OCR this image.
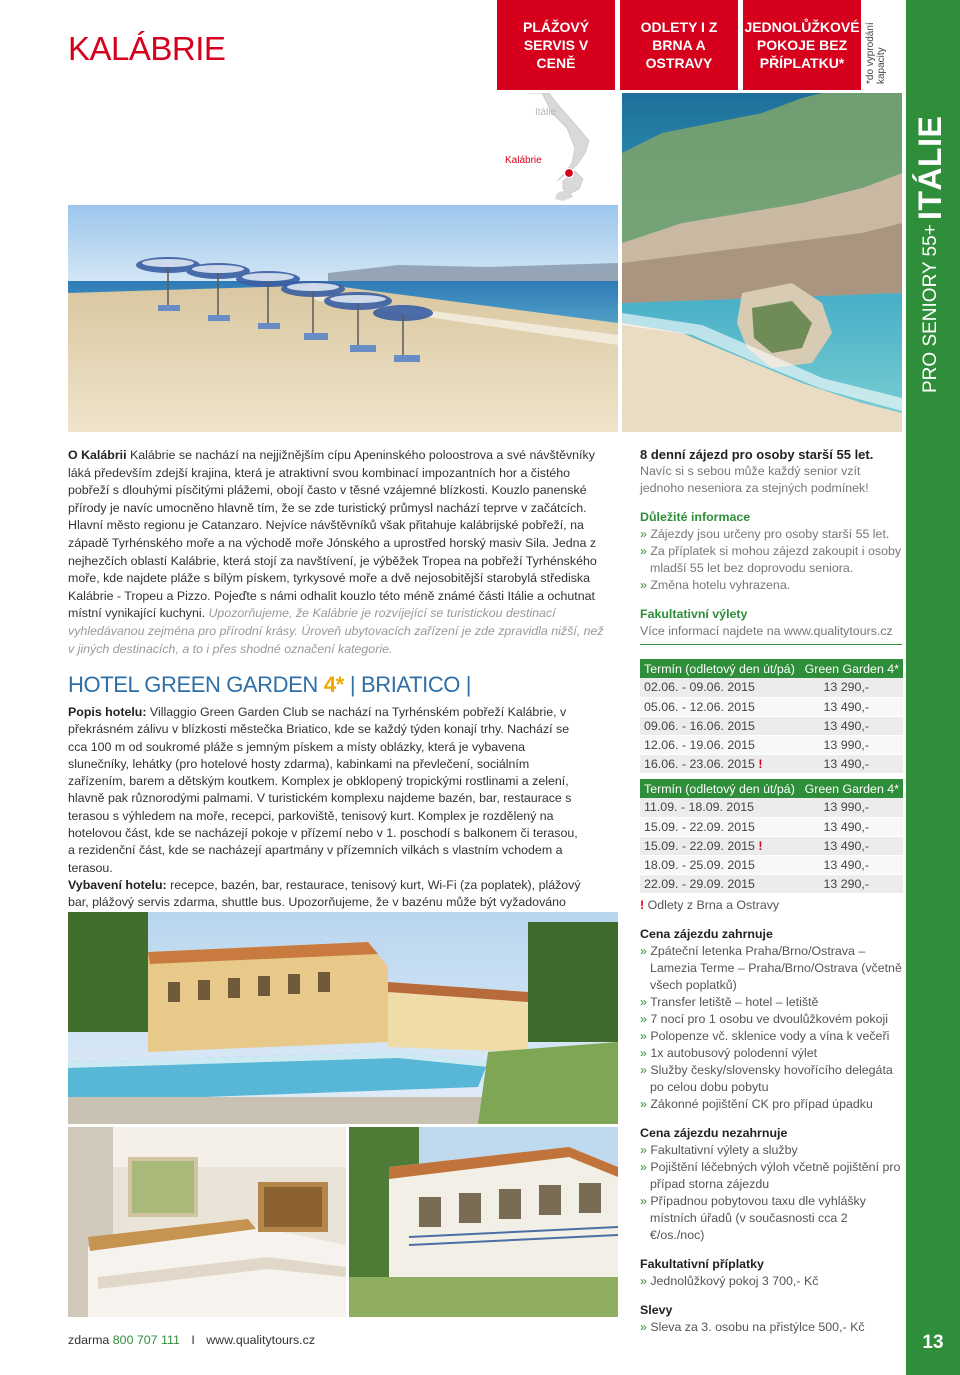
KALÁBRIE
PLÁŽOVÝ SERVIS V CENĚ
ODLETY I Z BRNA A OSTRAVY
JEDNOLŮŽKOVÉ POKOJE BEZ PŘÍPLATKU*	*do vyprodání kapacity
ITÁLIE
PRO SENIORY 55+
13
Itálie
Kalábrie
O Kalábrii Kalábrie se nachází na nejjižnějším cípu Apeninského poloostrova a své návštěvníky láká především zdejší krajina, která je atraktivní svou kombinací impozantních hor a čistého pobřeží s dlouhými písčitými plážemi, obojí často v těsné vzájemné blízkosti. Kouzlo panenské přírody je navíc umocněno hlavně tím, že se zde turistický průmysl nachází teprve v začátcích. Hlavní město regionu je Catanzaro. Nejvíce návštěvníků však přitahuje kalábrijské pobřeží, na západě Tyrhénského moře a na východě moře Jónského a uprostřed horský masiv Sila. Jedna z nejhezčích oblastí Kalábrie, která stojí za navštívení, je výběžek Tropea na pobřeží Tyrhénského moře, kde najdete pláže s bílým pískem, tyrkysové moře a dvě nejosobitější starobylá střediska Kalábrie - Tropeu a Pizzo. Pojeďte s námi odhalit kouzlo této méně známé části Itálie a ochutnat místní vynikající kuchyni. Upozorňujeme, že Kalábrie je rozvíjející se turistickou destinací vyhledávanou zejména pro přírodní krásy. Úroveň ubytovacích zařízení je zde zpravidla nižší, než v jiných destinacích, a to i přes shodné označení kategorie.
8 denní zájezd pro osoby starší 55 let.
Navíc si s sebou může každý senior vzít jednoho neseniora za stejných podmínek!
Důležité informace
» Zájezdy jsou určeny pro osoby starší 55 let.
» Za příplatek si mohou zájezd zakoupit i osoby mladší 55 let bez doprovodu seniora.
» Změna hotelu vyhrazena.
Fakultativní výlety
Více informací najdete na www.qualitytours.cz
HOTEL GREEN GARDEN 4* | BRIATICO |
Popis hotelu: Villaggio Green Garden Club se nachází na Tyrhénském pobřeží Kalábrie, v překrásném zálivu v blízkosti městečka Briatico, kde se každý týden konají trhy. Nachází se cca 100 m od soukromé pláže s jemným pískem a místy oblázky, která je vybavena slunečníky, lehátky (pro hotelové hosty zdarma), kabinkami na převlečení, sociálním zařízením, barem a dětským koutkem. Komplex je obklopený tropickými rostlinami a zelení, hlavně pak různorodými palmami. V turistickém komplexu najdeme bazén, bar, restaurace s terasou s výhledem na moře, recepci, parkoviště, tenisový kurt. Komplex je rozdělený na hotelovou část, kde se nacházejí pokoje v přízemí nebo v 1. poschodí s balkonem či terasou, a rezidenční část, kde se nacházejí apartmány v přízemních vilkách s vlastním vchodem a terasou.
Vybavení hotelu: recepce, bazén, bar, restaurace, tenisový kurt, Wi-Fi (za poplatek), plážový bar, plážový servis zdarma, shuttle bus. Upozorňujeme, že v bazénu může být vyžadováno

Termín (odletový den út/pá)	Green Garden 4*
02.06. - 09.06. 2015	13 290,-
05.06. - 12.06. 2015	13 490,-
09.06. - 16.06. 2015	13 490,-
12.06. - 19.06. 2015	13 990,-
16.06. - 23.06. 2015 !	13 490,-
Termín (odletový den út/pá)	Green Garden 4*
11.09. - 18.09. 2015	13 990,-
15.09. - 22.09. 2015	13 490,-
15.09. - 22.09. 2015 !	13 490,-
18.09. - 25.09. 2015	13 490,-
22.09. - 29.09. 2015	13 290,-
! Odlety z Brna a Ostravy
Cena zájezdu zahrnuje
» Zpáteční letenka Praha/Brno/Ostrava – Lamezia Terme – Praha/Brno/Ostrava (včetně všech poplatků)
» Transfer letiště – hotel – letiště
» 7 nocí pro 1 osobu ve dvoulůžkovém pokoji
» Polopenze vč. sklenice vody a vína k večeři
» 1x autobusový polodenní výlet
» Služby česky/slovensky hovořícího delegáta po celou dobu pobytu
» Zákonné pojištění CK pro případ úpadku
Cena zájezdu nezahrnuje
» Fakultativní výlety a služby
» Pojištění léčebných výloh včetně pojištění pro případ storna zájezdu
» Případnou pobytovou taxu dle vyhlášky místních úřadů (v současnosti cca 2 €/os./noc)
Fakultativní příplatky
» Jednolůžkový pokoj 3 700,- Kč
Slevy
» Sleva za 3. osobu na přistýlce 500,- Kč
zdarma 800 707 111 I www.qualitytours.cz
